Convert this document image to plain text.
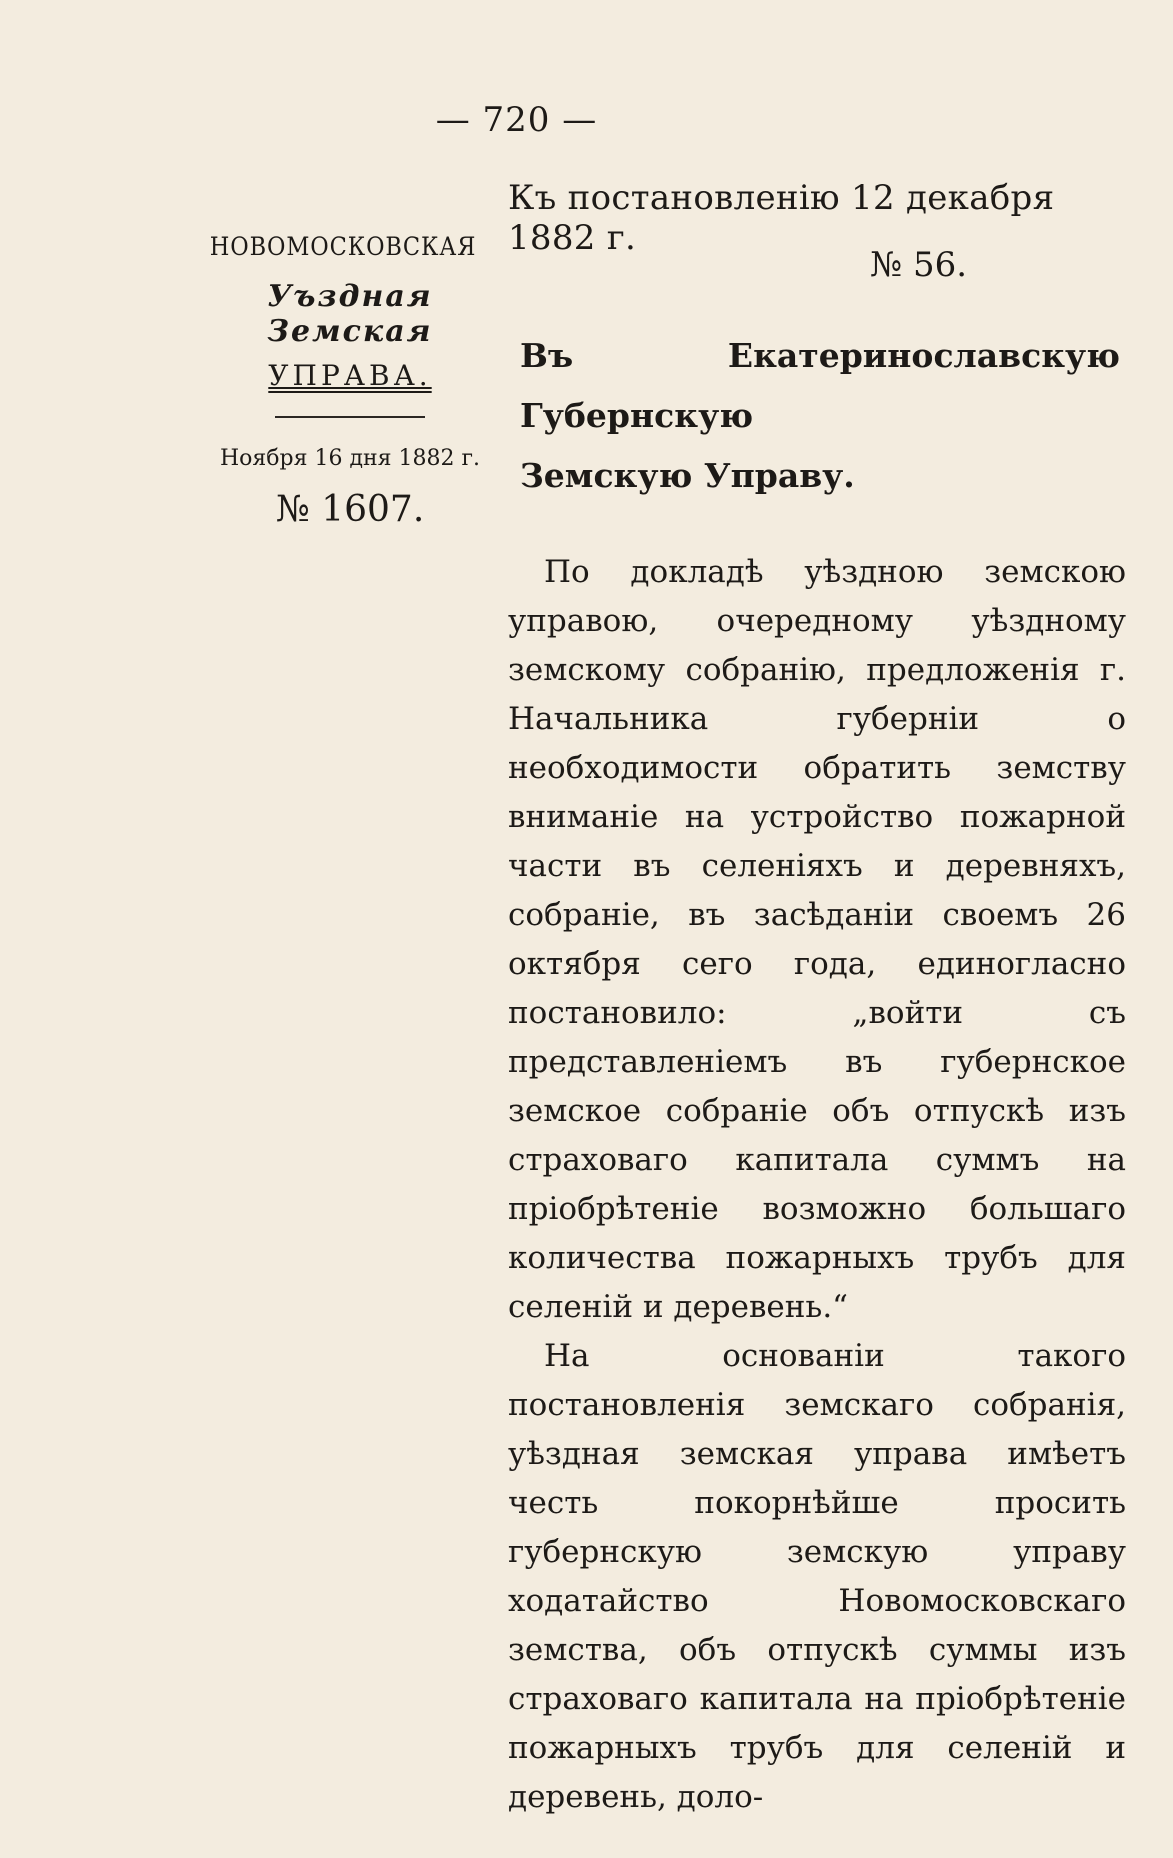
— 720 —
НОВОМОСКОВСКАЯ
Уъздная Земская
УПРАВА.
Ноября 16 дня 1882 г.
№ 1607.
Къ постановленію 12 декабря 1882 г.
№ 56.
Въ Екатеринославскую Губернскую
Земскую Управу.

По докладѣ уѣздною земскою управою, очередному уѣздному земскому собранію, предложенія г. Начальника губерніи о необходимости обратить земству вниманіе на устройство пожарной части въ селеніяхъ и деревняхъ, собраніе, въ засѣданіи своемъ 26 октября сего года, единогласно постановило: „войти съ представленіемъ въ губернское земское собраніе объ отпускѣ изъ страховаго капитала суммъ на пріобрѣтеніе возможно большаго количества пожарныхъ трубъ для селеній и деревень.“

На основаніи такого постановленія земскаго собранія, уѣздная земская управа имѣетъ честь покорнѣйше просить губернскую земскую управу ходатайство Новомосковскаго земства, объ отпускѣ суммы изъ страховаго капитала на пріобрѣтеніе пожарныхъ трубъ для селеній и деревень, доло-
